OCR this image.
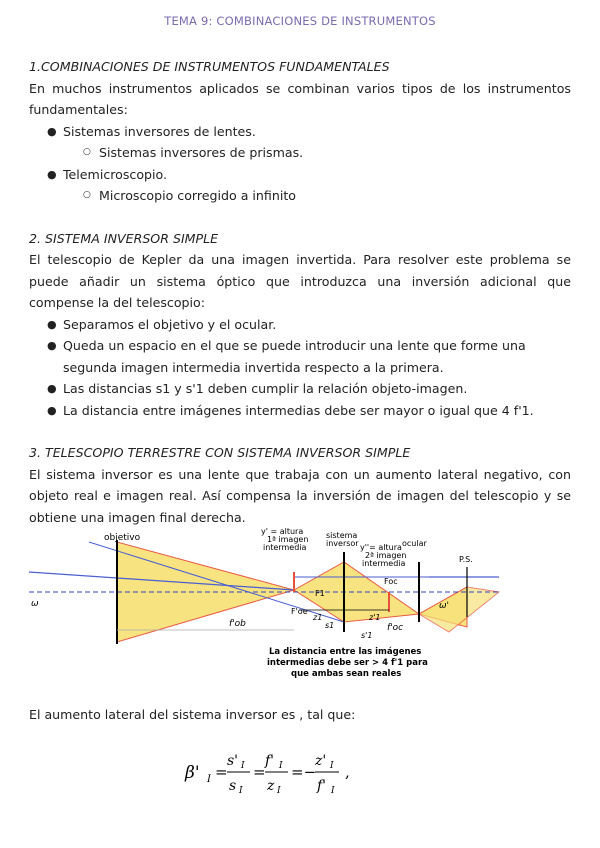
TEMA 9: COMBINACIONES DE INSTRUMENTOS
1.COMBINACIONES DE INSTRUMENTOS FUNDAMENTALES

En muchos instrumentos aplicados se combinan varios tipos de los instrumentos fundamentales:

● Sistemas inversores de lentes.
○ Sistemas inversores de prismas.
● Telemicroscopio.
○ Microscopio corregido a infinito
2. SISTEMA INVERSOR SIMPLE

El telescopio de Kepler da una imagen invertida. Para resolver este problema se puede añadir un sistema óptico que introduzca una inversión adicional que compense la del telescopio:

● Separamos el objetivo y el ocular.
● Queda un espacio en el que se puede introducir una lente que forme una segunda imagen intermedia invertida respecto a la primera.
● Las distancias s1 y s'1 deben cumplir la relación objeto-imagen.
● La distancia entre imágenes intermedias debe ser mayor o igual que 4 f'1.
3. TELESCOPIO TERRESTRE CON SISTEMA INVERSOR SIMPLE

El sistema inversor es una lente que trabaja con un aumento lateral negativo, con objeto real e imagen real. Así compensa la inversión de imagen del telescopio y se obtiene una imagen final derecha.

objetivo
y' = altura
1ª imagen
intermedia
sistema
inversor y''= altura
2ª imagen
intermedia
ocular
P.S.
ω	ω'
f'ob	f'oc
Foc
F1
F'oe
z1
s1
z'1
s'1
La distancia entre las imágenes
intermedias debe ser > 4 f'1 para
que ambas sean reales

El aumento lateral del sistema inversor es , tal que:

β' I =
s' I
s I
=
f' I
z I
=−
z' I
f' I
,
